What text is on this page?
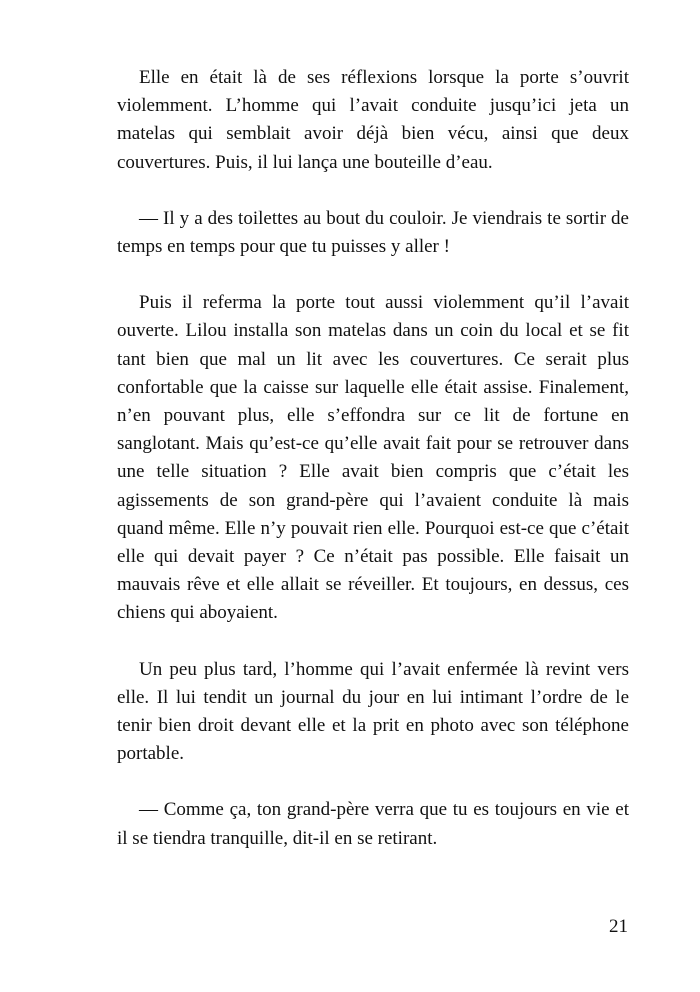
Elle en était là de ses réflexions lorsque la porte s’ouvrit violemment. L’homme qui l’avait conduite jusqu’ici jeta un matelas qui semblait avoir déjà bien vécu, ainsi que deux couvertures. Puis, il lui lança une bouteille d’eau.

— Il y a des toilettes au bout du couloir. Je viendrais te sortir de temps en temps pour que tu puisses y aller !

Puis il referma la porte tout aussi violemment qu’il l’avait ouverte. Lilou installa son matelas dans un coin du local et se fit tant bien que mal un lit avec les couvertures. Ce serait plus confortable que la caisse sur laquelle elle était assise. Finalement, n’en pouvant plus, elle s’effondra sur ce lit de fortune en sanglotant. Mais qu’est-ce qu’elle avait fait pour se retrouver dans une telle situation ? Elle avait bien compris que c’était les agissements de son grand-père qui l’avaient conduite là mais quand même. Elle n’y pouvait rien elle. Pourquoi est-ce que c’était elle qui devait payer ? Ce n’était pas possible. Elle faisait un mauvais rêve et elle allait se réveiller. Et toujours, en dessus, ces chiens qui aboyaient.

Un peu plus tard, l’homme qui l’avait enfermée là revint vers elle. Il lui tendit un journal du jour en lui intimant l’ordre de le tenir bien droit devant elle et la prit en photo avec son téléphone portable.

— Comme ça, ton grand-père verra que tu es toujours en vie et il se tiendra tranquille, dit-il en se retirant.

21
